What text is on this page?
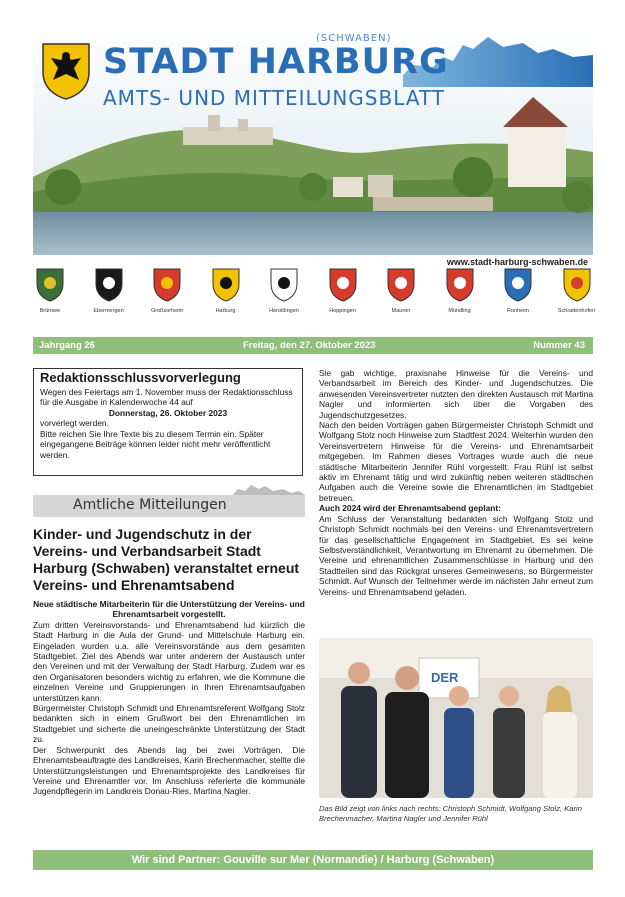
STADT HARBURG
(SCHWABEN)
AMTS- UND MITTEILUNGSBLATT
www.stadt-harburg-schwaben.de
Brünsee	Ebermergen	Großsorheim	Harburg	Heroldingen	Hoppingen	Mauren	Mündling	Ronheim	Schrattenhofen
Jahrgang 26	Freitag, den 27. Oktober 2023	Nummer 43
Redaktionsschlussvorverlegung
Wegen des Feiertags am 1. November muss der Redaktionsschluss für die Ausgabe in Kalenderwoche 44 auf
Donnerstag, 26. Oktober 2023
vorverlegt werden.
Bitte reichen Sie Ihre Texte bis zu diesem Termin ein. Später eingegangene Beiträge können leider nicht mehr veröffentlicht werden.
Amtliche Mitteilungen
Kinder- und Jugendschutz in der Vereins- und Verbandsarbeit Stadt Harburg (Schwaben) veranstaltet erneut Vereins- und Ehrenamtsabend
Neue städtische Mitarbeiterin für die Unterstützung der Vereins- und Ehrenamtsarbeit vorgestellt.

Zum dritten Vereinsvorstands- und Ehrenamtsabend lud kürzlich die Stadt Harburg in die Aula der Grund- und Mittelschule Harburg ein. Eingeladen wurden u.a. alle Vereinsvorstände aus dem gesamten Stadtgebiet. Ziel des Abends war unter anderem der Austausch unter den Vereinen und mit der Verwaltung der Stadt Harburg. Zudem war es den Organisatoren besonders wichtig zu erfahren, wie die Kommune die einzelnen Vereine und Gruppierungen in Ihren Ehrenamtsaufgaben unterstützen kann.

Bürgermeister Christoph Schmidt und Ehrenamtsreferent Wolfgang Stolz bedankten sich in einem Grußwort bei den Ehrenamtlichen im Stadtgebiet und sicherte die uneingeschränkte Unterstützung der Stadt zu.

Der Schwerpunkt des Abends lag bei zwei Vorträgen. Die Ehrenamtsbeauftragte des Landkreises, Karin Brechenmacher, stellte die Unterstützungsleistungen und Ehrenamtsprojekte des Landkreises für Vereine und Ehrenamtler vor. Im Anschluss referierte die kommunale Jugendpflegerin im Landkreis Donau-Ries, Martina Nagler.

Sie gab wichtige, praxisnahe Hinweise für die Vereins- und Verbandsarbeit im Bereich des Kinder- und Jugendschutzes. Die anwesenden Vereinsvertreter nutzten den direkten Austausch mit Martina Nagler und informierten sich über die Vorgaben des Jugendschutzgesetzes.

Nach den beiden Vorträgen gaben Bürgermeister Christoph Schmidt und Wolfgang Stolz noch Hinweise zum Stadtfest 2024. Weiterhin wurden den Vereinsvertretern Hinweise für die Vereins- und Ehrenamtsarbeit mitgegeben. Im Rahmen dieses Vortrages wurde auch die neue städtische Mitarbeiterin Jennifer Rühl vorgestellt. Frau Rühl ist selbst aktiv im Ehrenamt tätig und wird zukünftig neben weiteren städtischen Aufgaben auch die Vereine sowie die Ehrenamtlichen im Stadtgebiet betreuen.

Auch 2024 wird der Ehrenamtsabend geplant:

Am Schluss der Veranstaltung bedankten sich Wolfgang Stolz und Christoph Schmidt nochmals bei den Vereins- und Ehrenamtsvertretern für das gesellschaftliche Engagement im Stadtgebiet. Es sei keine Selbstverständlichkeit, Verantwortung im Ehrenamt zu übernehmen. Die Vereine und ehrenamtlichen Zusammenschlüsse in Harburg und den Stadtteilen sind das Rückgrat unseres Gemeinwesens, so Bürgermeister Schmidt. Auf Wunsch der Teilnehmer werde im nächsten Jahr erneut zum Vereins- und Ehrenamtsabend geladen.

DER
Das Bild zeigt von links nach rechts: Christoph Schmidt, Wolfgang Stolz, Karin Brechenmacher, Martina Nagler und Jennifer Rühl
Wir sind Partner: Gouville sur Mer (Normandie) / Harburg (Schwaben)
